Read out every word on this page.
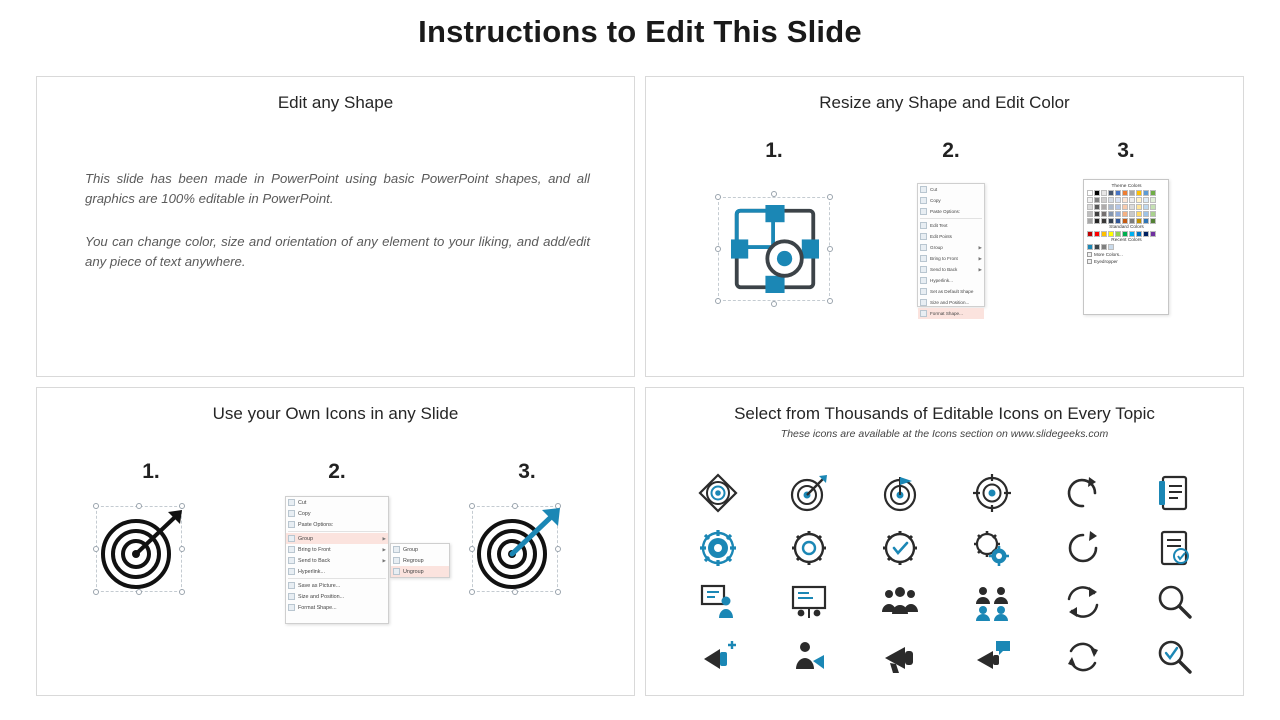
Instructions to Edit This Slide
Edit any Shape
This slide has been made in PowerPoint using basic PowerPoint shapes, and all graphics are 100% editable in PowerPoint.
You can change color, size and orientation of any element to your liking, and add/edit any piece of text anywhere.
Resize any Shape and Edit Color
1.	2.
Cut
Copy
Paste Options:
Edit Text
Edit Points
Group	▶
Bring to Front	▶
Send to Back	▶
Hyperlink...
Set as Default Shape
Size and Position...
Format Shape...
3.
Theme Colors
Standard Colors
Recent Colors
More Colors...
Eyedropper
Use your Own Icons in any Slide
1.	2.
Cut
Copy
Paste Options:
Group	▶
Bring to Front	▶
Send to Back	▶
Hyperlink...
Save as Picture...
Size and Position...
Format Shape...
Group
Regroup
Ungroup
3.
Select from Thousands of Editable Icons on Every Topic
These icons are available at the Icons section on www.slidegeeks.com
